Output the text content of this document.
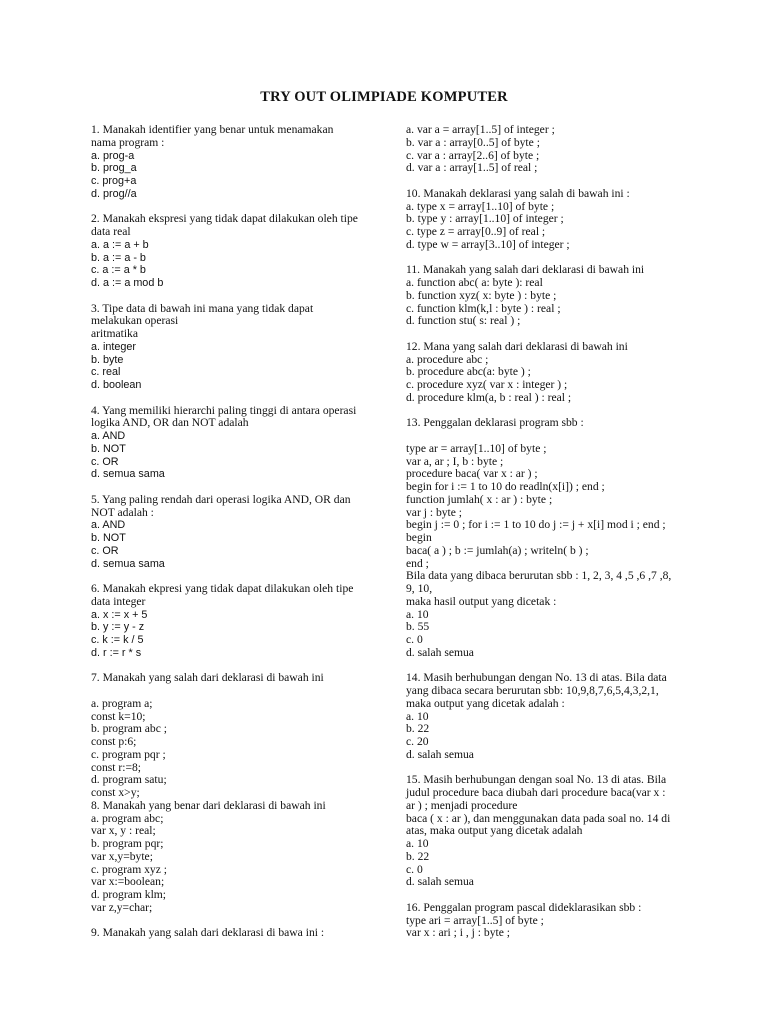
TRY OUT OLIMPIADE KOMPUTER
1. Manakah identifier yang benar untuk menamakan
nama program :
a. prog-a
b. prog_a
c. prog+a
d. prog//a
2. Manakah ekspresi yang tidak dapat dilakukan oleh tipe
data real
a. a := a + b
b. a := a - b
c. a := a * b
d. a := a mod b
3. Tipe data di bawah ini mana yang tidak dapat
melakukan operasi
aritmatika
a. integer
b. byte
c. real
d. boolean
4. Yang memiliki hierarchi paling tinggi di antara operasi
logika AND, OR dan NOT adalah
a. AND
b. NOT
c. OR
d. semua sama
5. Yang paling rendah dari operasi logika AND, OR dan
NOT adalah :
a. AND
b. NOT
c. OR
d. semua sama
6. Manakah ekpresi yang tidak dapat dilakukan oleh tipe
data integer
a. x := x + 5
b. y := y - z
c. k := k / 5
d. r := r * s
7. Manakah yang salah dari deklarasi di bawah ini
a. program a;
const k=10;
b. program abc ;
const p:6;
c. program pqr ;
const r:=8;
d. program satu;
const x>y;
8. Manakah yang benar dari deklarasi di bawah ini
a. program abc;
var x, y : real;
b. program pqr;
var x,y=byte;
c. program xyz ;
var x:=boolean;
d. program klm;
var z,y=char;
9. Manakah yang salah dari deklarasi di bawa ini :
a. var a = array[1..5] of integer ;
b. var a : array[0..5] of byte ;
c. var a : array[2..6] of byte ;
d. var a : array[1..5] of real ;
10. Manakah deklarasi yang salah di bawah ini :
a. type x = array[1..10] of byte ;
b. type y : array[1..10] of integer ;
c. type z = array[0..9] of real ;
d. type w = array[3..10] of integer ;
11. Manakah yang salah dari deklarasi di bawah ini
a. function abc( a: byte ): real
b. function xyz( x: byte ) : byte ;
c. function klm(k,l : byte ) : real ;
d. function stu( s: real ) ;
12. Mana yang salah dari deklarasi di bawah ini
a. procedure abc ;
b. procedure abc(a: byte ) ;
c. procedure xyz( var x : integer ) ;
d. procedure klm(a, b : real ) : real ;
13. Penggalan deklarasi program sbb :
type ar = array[1..10] of byte ;
var a, ar ; I, b : byte ;
procedure baca( var x : ar ) ;
begin for i := 1 to 10 do readln(x[i]) ; end ;
function jumlah( x : ar ) : byte ;
var j : byte ;
begin j := 0 ; for i := 1 to 10 do j := j + x[i] mod i ; end ;
begin
baca( a ) ; b := jumlah(a) ; writeln( b ) ;
end ;
Bila data yang dibaca berurutan sbb : 1, 2, 3, 4 ,5 ,6 ,7 ,8,
9, 10,
maka hasil output yang dicetak :
a. 10
b. 55
c. 0
d. salah semua
14. Masih berhubungan dengan No. 13 di atas. Bila data
yang dibaca secara berurutan sbb: 10,9,8,7,6,5,4,3,2,1,
maka output yang dicetak adalah :
a. 10
b. 22
c. 20
d. salah semua
15. Masih berhubungan dengan soal No. 13 di atas. Bila
judul procedure baca diubah dari procedure baca(var x :
ar ) ; menjadi procedure
baca ( x : ar ), dan menggunakan data pada soal no. 14 di
atas, maka output yang dicetak adalah
a. 10
b. 22
c. 0
d. salah semua
16. Penggalan program pascal dideklarasikan sbb :
type ari = array[1..5] of byte ;
var x : ari ; i , j : byte ;
